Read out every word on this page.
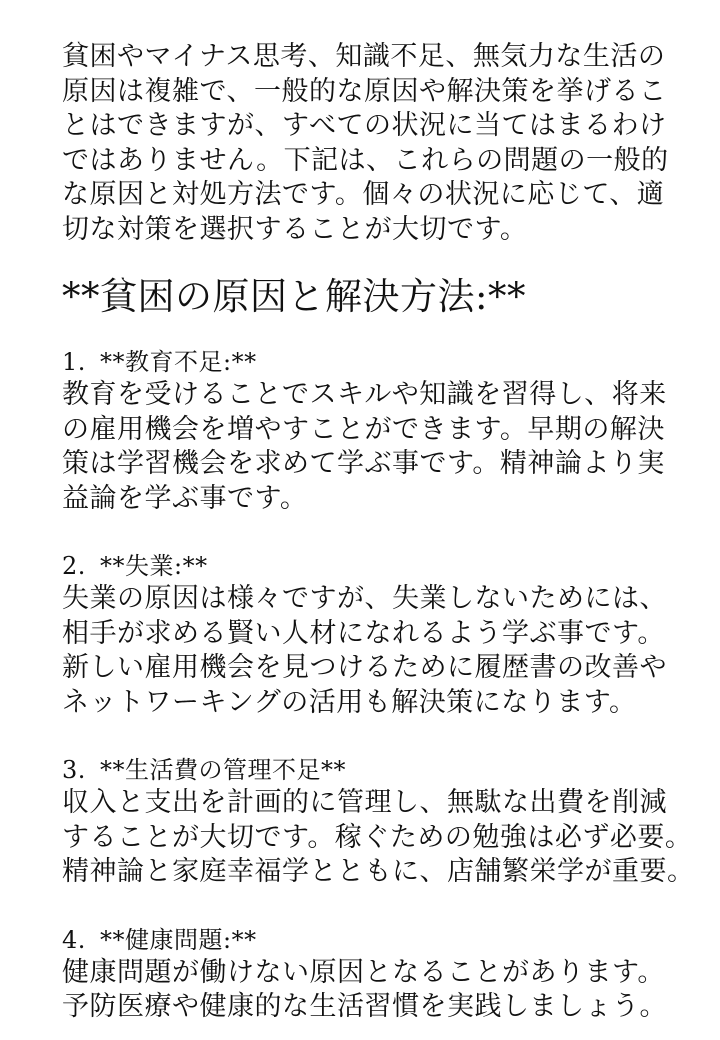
貧困やマイナス思考、知識不足、無気力な生活の
原因は複雑で、一般的な原因や解決策を挙げるこ
とはできますが、すべての状況に当てはまるわけ
ではありません。下記は、これらの問題の一般的
な原因と対処方法です。個々の状況に応じて、適
切な対策を選択することが大切です。

**貧困の原因と解決方法:**

1. **教育不足:**

教育を受けることでスキルや知識を習得し、将来
の雇用機会を増やすことができます。早期の解決
策は学習機会を求めて学ぶ事です。精神論より実
益論を学ぶ事です。

2. **失業:**

失業の原因は様々ですが、失業しないためには、
相手が求める賢い人材になれるよう学ぶ事です。
新しい雇用機会を見つけるために履歴書の改善や
ネットワーキングの活用も解決策になります。

3. **生活費の管理不足**

収入と支出を計画的に管理し、無駄な出費を削減
することが大切です。稼ぐための勉強は必ず必要。
精神論と家庭幸福学とともに、店舗繁栄学が重要。

4. **健康問題:**

健康問題が働けない原因となることがあります。
予防医療や健康的な生活習慣を実践しましょう。
